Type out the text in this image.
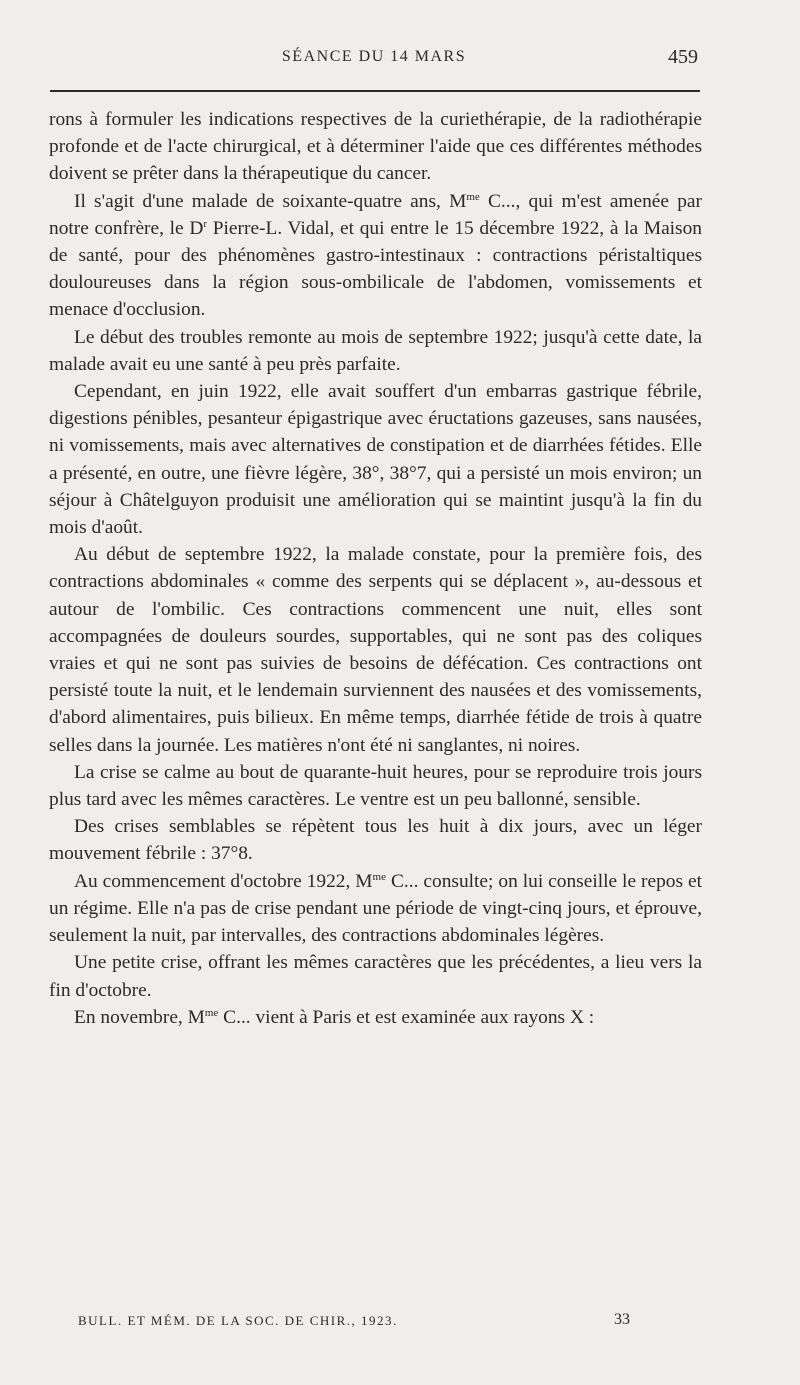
SÉANCE DU 14 MARS	459

rons à formuler les indications respectives de la curiethérapie, de la radiothérapie profonde et de l'acte chirurgical, et à déterminer l'aide que ces différentes méthodes doivent se prêter dans la thérapeutique du cancer.

Il s'agit d'une malade de soixante-quatre ans, $M^{me}$ C..., qui m'est amenée par notre confrère, le $D^r$ Pierre-L. Vidal, et qui entre le 15 décembre 1922, à la Maison de santé, pour des phénomènes gastro-intestinaux : contractions péristaltiques douloureuses dans la région sous-ombilicale de l'abdomen, vomissements et menace d'occlusion.

Le début des troubles remonte au mois de septembre 1922; jusqu'à cette date, la malade avait eu une santé à peu près parfaite.

Cependant, en juin 1922, elle avait souffert d'un embarras gastrique fébrile, digestions pénibles, pesanteur épigastrique avec éructations gazeuses, sans nausées, ni vomissements, mais avec alternatives de constipation et de diarrhées fétides. Elle a présenté, en outre, une fièvre légère, 38°, 38°7, qui a persisté un mois environ; un séjour à Châtelguyon produisit une amélioration qui se maintint jusqu'à la fin du mois d'août.

Au début de septembre 1922, la malade constate, pour la première fois, des contractions abdominales « comme des serpents qui se déplacent », au-dessous et autour de l'ombilic. Ces contractions commencent une nuit, elles sont accompagnées de douleurs sourdes, supportables, qui ne sont pas des coliques vraies et qui ne sont pas suivies de besoins de défécation. Ces contractions ont persisté toute la nuit, et le lendemain surviennent des nausées et des vomissements, d'abord alimentaires, puis bilieux. En même temps, diarrhée fétide de trois à quatre selles dans la journée. Les matières n'ont été ni sanglantes, ni noires.

La crise se calme au bout de quarante-huit heures, pour se reproduire trois jours plus tard avec les mêmes caractères. Le ventre est un peu ballonné, sensible.

Des crises semblables se répètent tous les huit à dix jours, avec un léger mouvement fébrile : 37°8.

Au commencement d'octobre 1922, $M^{me}$ C... consulte; on lui conseille le repos et un régime. Elle n'a pas de crise pendant une période de vingt-cinq jours, et éprouve, seulement la nuit, par intervalles, des contractions abdominales légères.

Une petite crise, offrant les mêmes caractères que les précédentes, a lieu vers la fin d'octobre.

En novembre, $M^{me}$ C... vient à Paris et est examinée aux rayons X :

BULL. ET MÉM. DE LA SOC. DE CHIR., 1923.	33
